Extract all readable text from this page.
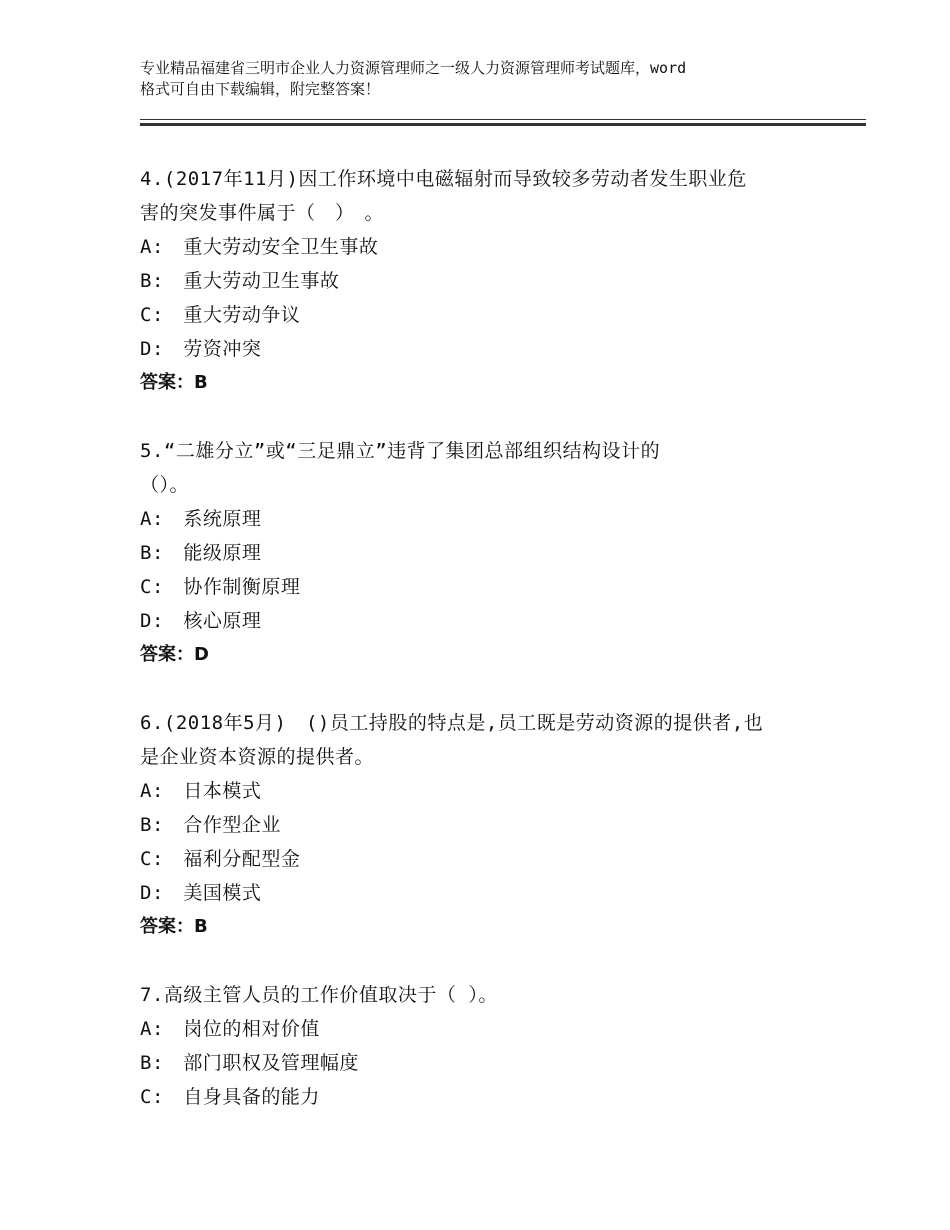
专业精品福建省三明市企业人力资源管理师之一级人力资源管理师考试题库，word
格式可自由下载编辑，附完整答案！
4.(2017年11月)因工作环境中电磁辐射而导致较多劳动者发生职业危
害的突发事件属于（　）　。
A:　重大劳动安全卫生事故
B:　重大劳动卫生事故
C:　重大劳动争议
D:　劳资冲突
答案：B
5.“二雄分立”或“三足鼎立”违背了集团总部组织结构设计的
（）。
A:　系统原理
B:　能级原理
C:　协作制衡原理
D:　核心原理
答案：D
6.(2018年5月)　()员工持股的特点是,员工既是劳动资源的提供者,也
是企业资本资源的提供者。
A:　日本模式
B:　合作型企业
C:　福利分配型金
D:　美国模式
答案：B
7.高级主管人员的工作价值取决于（ ）。
A:　岗位的相对价值
B:　部门职权及管理幅度
C:　自身具备的能力
